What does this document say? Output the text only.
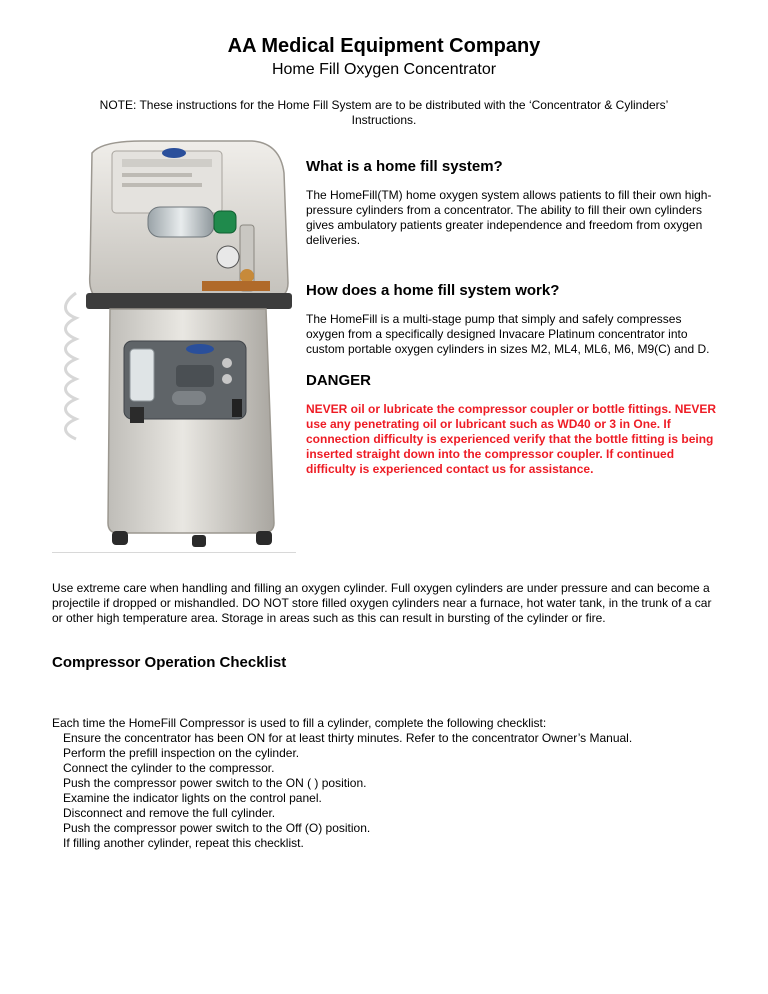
AA Medical Equipment Company
Home Fill Oxygen Concentrator
NOTE: These instructions for the Home Fill System are to be distributed with the ‘Concentrator & Cylinders’ Instructions.
What is a home fill system?
The HomeFill(TM) home oxygen system allows patients to fill their own high-pressure cylinders from a concentrator. The ability to fill their own cylinders gives ambulatory patients greater independence and freedom from oxygen deliveries.
How does a home fill system work?
The HomeFill is a multi-stage pump that simply and safely compresses oxygen from a specifically designed Invacare Platinum concentrator into custom portable oxygen cylinders in sizes M2, ML4, ML6, M6, M9(C) and D.
DANGER
NEVER oil or lubricate the compressor coupler or bottle fittings. NEVER use any penetrating oil or lubricant such as WD40 or 3 in One. If connection difficulty is experienced verify that the bottle fitting is being inserted straight down into the compressor coupler. If continued difficulty is experienced contact us for assistance.
Use extreme care when handling and filling an oxygen cylinder. Full oxygen cylinders are under pressure and can become a projectile if dropped or mishandled. DO NOT store filled oxygen cylinders near a furnace, hot water tank, in the trunk of a car or other high temperature area. Storage in areas such as this can result in bursting of the cylinder or fire.
Compressor Operation Checklist
Each time the HomeFill Compressor is used to fill a cylinder, complete the following checklist:
Ensure the concentrator has been ON for at least thirty minutes. Refer to the concentrator Owner’s Manual.
Perform the prefill inspection on the cylinder.
Connect the cylinder to the compressor.
Push the compressor power switch to the ON ( ) position.
Examine the indicator lights on the control panel.
Disconnect and remove the full cylinder.
Push the compressor power switch to the Off (O) position.
If filling another cylinder, repeat this checklist.
